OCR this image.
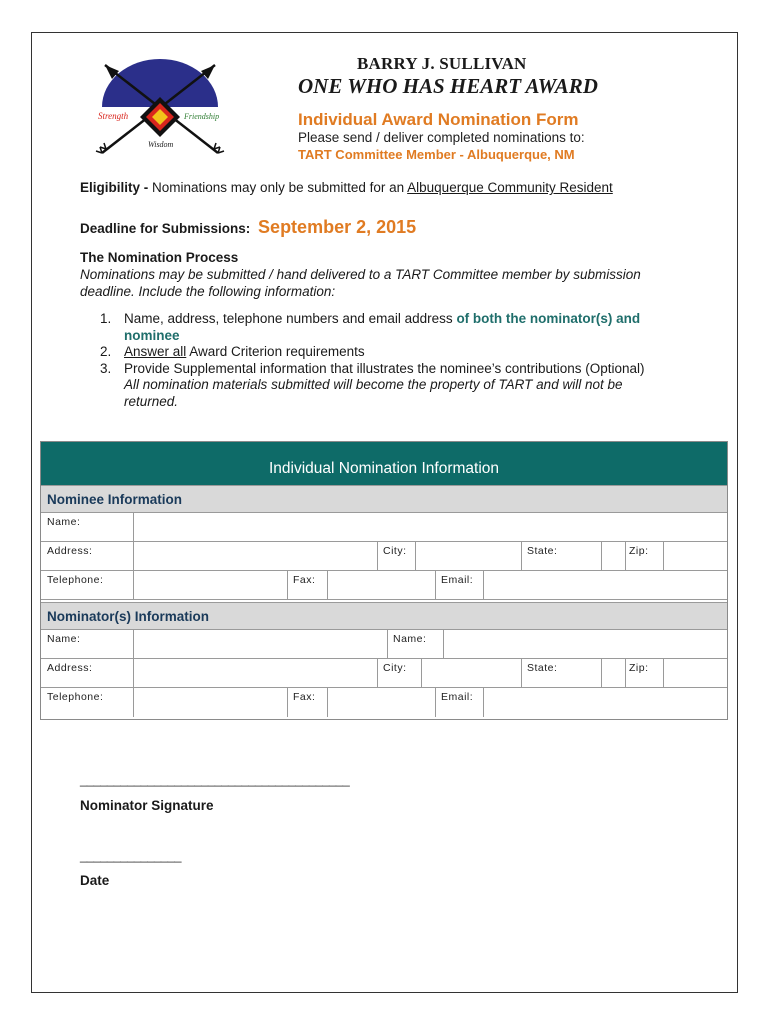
Strength	Friendship
Wisdom
BARRY J. SULLIVAN
ONE WHO HAS HEART AWARD
Individual Award Nomination Form
Please send / deliver completed nominations to:
TART Committee Member - Albuquerque, NM
Eligibility - Nominations may only be submitted for an Albuquerque Community Resident
Deadline for Submissions: September 2, 2015
The Nomination Process
Nominations may be submitted / hand delivered to a TART Committee member by submission deadline. Include the following information:
1. Name, address, telephone numbers and email address of both the nominator(s) and nominee
2. Answer all Award Criterion requirements
3. Provide Supplemental information that illustrates the nominee’s contributions (Optional)
All nomination materials submitted will become the property of TART and will not be returned.
Individual Nomination Information
Nominee Information
Name:
Address:	City:	State:	Zip:
Telephone:	Fax:	Email:
Nominator(s) Information
Name:	Name:
Address:	City:	State:	Zip:
Telephone:	Fax:	Email:
________________________________________
Nominator Signature
_______________
Date
